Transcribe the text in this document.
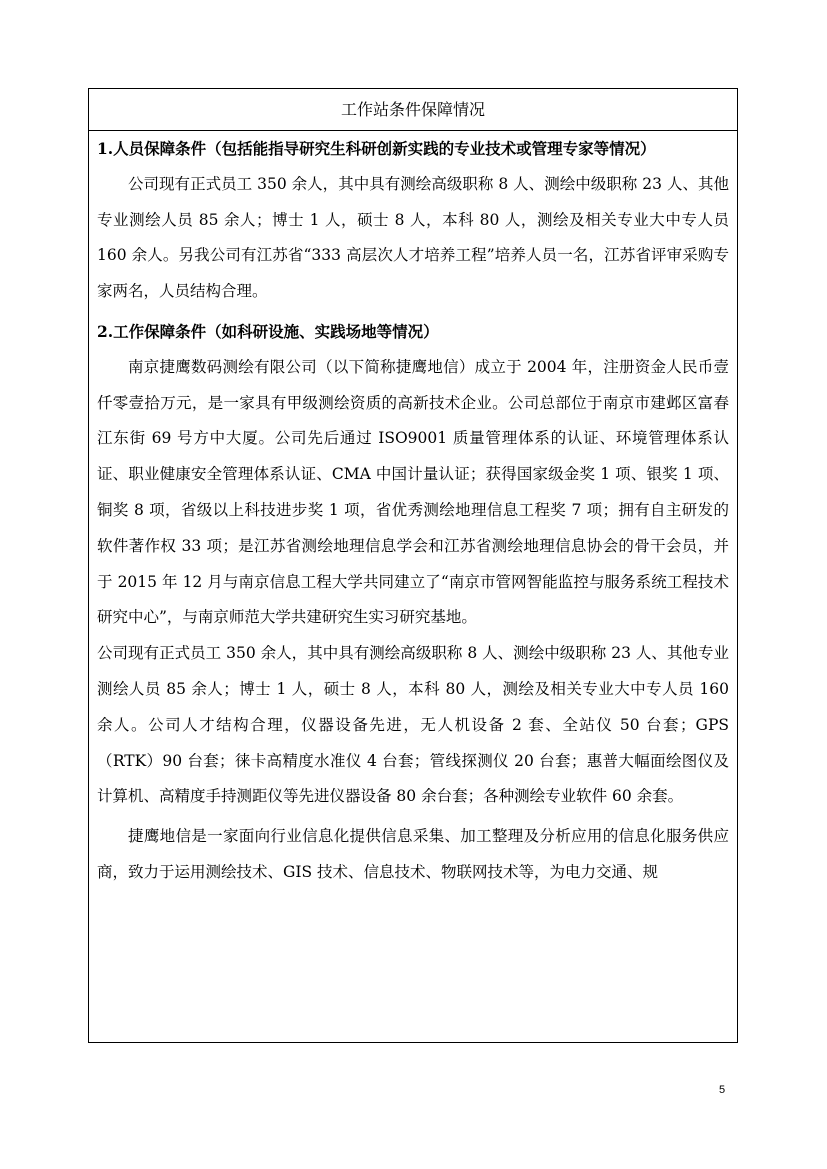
工作站条件保障情况

1.人员保障条件（包括能指导研究生科研创新实践的专业技术或管理专家等情况）

公司现有正式员工 350 余人，其中具有测绘高级职称 8 人、测绘中级职称 23 人、其他专业测绘人员 85 余人；博士 1 人，硕士 8 人，本科 80 人，测绘及相关专业大中专人员 160 余人。另我公司有江苏省“333 高层次人才培养工程”培养人员一名，江苏省评审采购专家两名，人员结构合理。

2.工作保障条件（如科研设施、实践场地等情况）

南京捷鹰数码测绘有限公司（以下简称捷鹰地信）成立于 2004 年，注册资金人民币壹仟零壹拾万元，是一家具有甲级测绘资质的高新技术企业。公司总部位于南京市建邺区富春江东街 69 号方中大厦。公司先后通过 ISO9001 质量管理体系的认证、环境管理体系认证、职业健康安全管理体系认证、CMA 中国计量认证；获得国家级金奖 1 项、银奖 1 项、铜奖 8 项，省级以上科技进步奖 1 项，省优秀测绘地理信息工程奖 7 项；拥有自主研发的软件著作权 33 项；是江苏省测绘地理信息学会和江苏省测绘地理信息协会的骨干会员，并于 2015 年 12 月与南京信息工程大学共同建立了“南京市管网智能监控与服务系统工程技术研究中心”，与南京师范大学共建研究生实习研究基地。

公司现有正式员工 350 余人，其中具有测绘高级职称 8 人、测绘中级职称 23 人、其他专业测绘人员 85 余人；博士 1 人，硕士 8 人，本科 80 人，测绘及相关专业大中专人员 160 余人。公司人才结构合理，仪器设备先进，无人机设备 2 套、全站仪 50 台套；GPS（RTK）90 台套；徕卡高精度水准仪 4 台套；管线探测仪 20 台套；惠普大幅面绘图仪及计算机、高精度手持测距仪等先进仪器设备 80 余台套；各种测绘专业软件 60 余套。

捷鹰地信是一家面向行业信息化提供信息采集、加工整理及分析应用的信息化服务供应商，致力于运用测绘技术、GIS 技术、信息技术、物联网技术等，为电力交通、规

5
